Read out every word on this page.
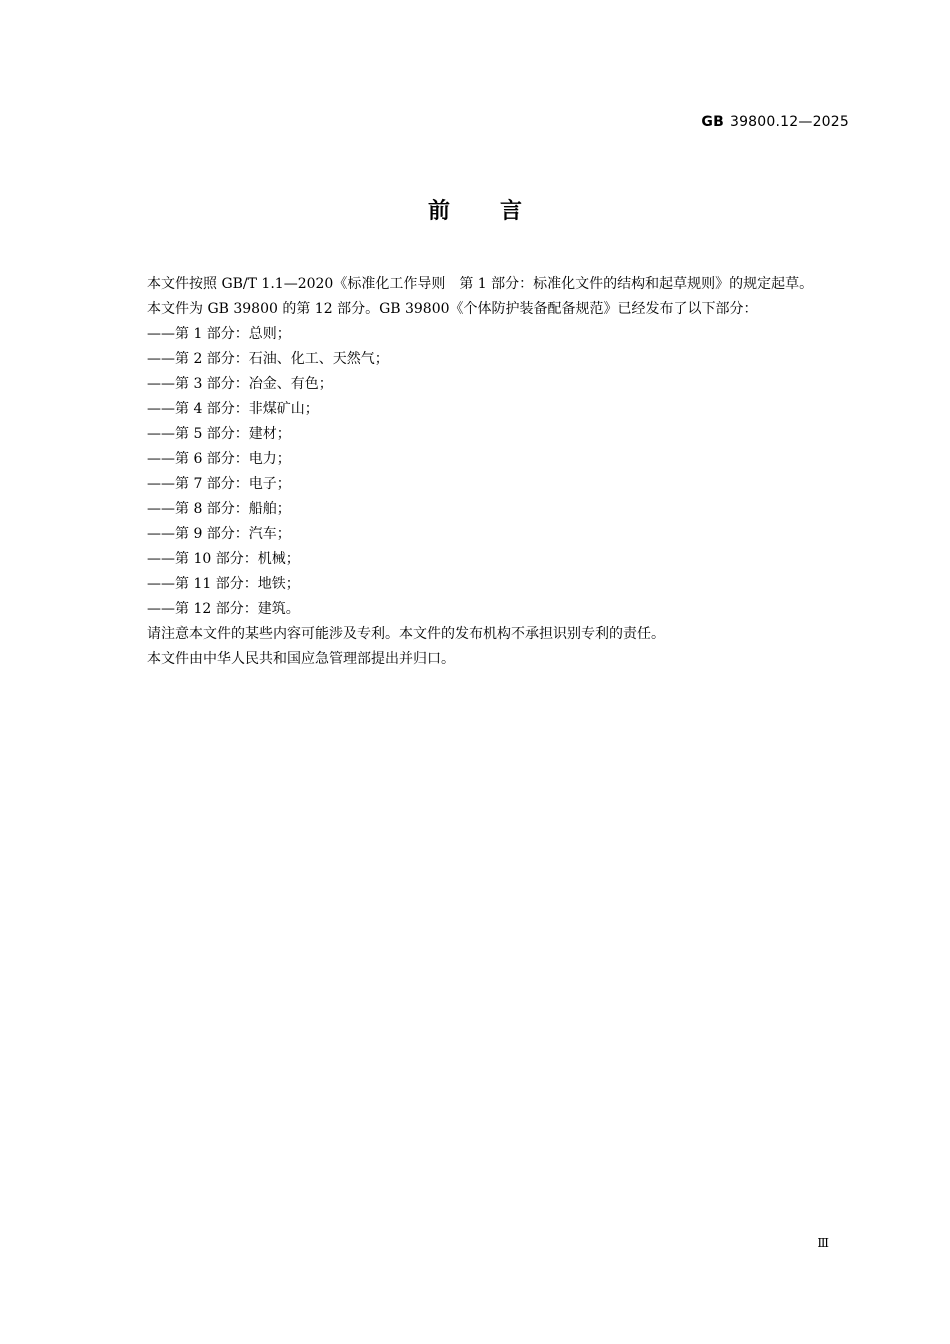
GB 39800.12—2025
前言

本文件按照 GB/T 1.1—2020《标准化工作导则　第 1 部分：标准化文件的结构和起草规则》的规定起草。

本文件为 GB 39800 的第 12 部分。GB 39800《个体防护装备配备规范》已经发布了以下部分：

——第 1 部分：总则；

——第 2 部分：石油、化工、天然气；

——第 3 部分：冶金、有色；

——第 4 部分：非煤矿山；

——第 5 部分：建材；

——第 6 部分：电力；

——第 7 部分：电子；

——第 8 部分：船舶；

——第 9 部分：汽车；

——第 10 部分：机械；

——第 11 部分：地铁；

——第 12 部分：建筑。

请注意本文件的某些内容可能涉及专利。本文件的发布机构不承担识别专利的责任。

本文件由中华人民共和国应急管理部提出并归口。

Ⅲ
